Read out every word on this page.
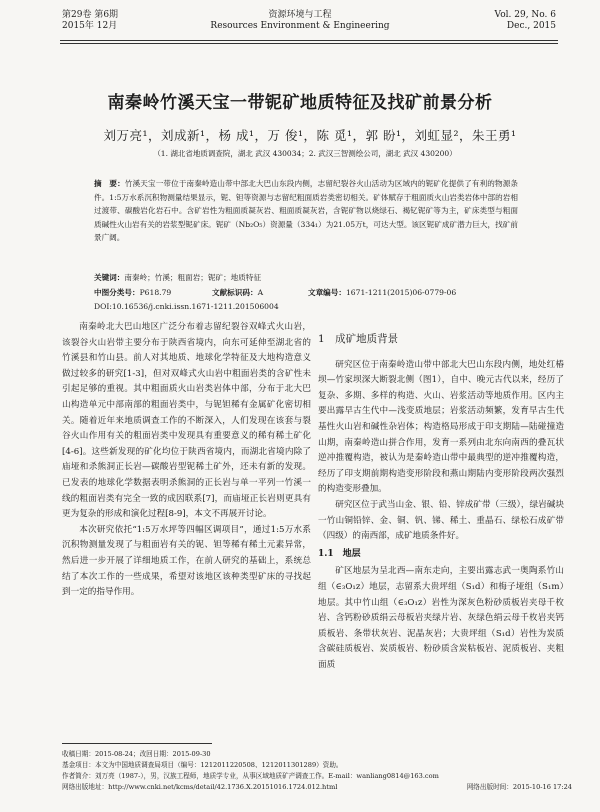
第29卷 第6期
2015年 12月
资源环境与工程
Resources Environment & Engineering
Vol. 29, No. 6
Dec., 2015
南秦岭竹溪天宝一带铌矿地质特征及找矿前景分析
刘万亮¹，刘成新¹，杨 成¹，万 俊¹，陈 觅¹，郭 盼¹，刘虹显²，朱王勇¹
（1. 湖北省地质调查院，湖北 武汉 430034；2. 武汉三智测绘公司，湖北 武汉 430200）
摘　要：竹溪天宝一带位于南秦岭造山带中部北大巴山东段内侧，志留纪裂谷火山活动为区域内的铌矿化提供了有利的物源条件。1:5万水系沉积物测量结果显示，铌、钽等资源与志留纪粗面质岩类密切相关。矿体赋存于粗面质火山岩类岩体中部的岩相过渡带、碳酸岩化岩石中。含矿岩性为粗面质凝灰岩、粗面质凝灰岩，含铌矿物以烧绿石、褐钇铌矿等为主，矿床类型与粗面质碱性火山岩有关的岩浆型铌矿床。铌矿（Nb₂O₅）资源量（334₁）为21.05万t，可达大型。该区铌矿成矿潜力巨大，找矿前景广阔。
关键词：南秦岭；竹溪；粗面岩；铌矿；地质特征
中图分类号：P618.79	文献标识码：A	文章编号：1671-1211(2015)06-0779-06
DOI:10.16536/j.cnki.issn.1671-1211.201506004

南秦岭北大巴山地区广泛分布着志留纪裂谷双峰式火山岩，该裂谷火山岩带主要分布于陕西省境内，向东可延伸至湖北省的竹溪县和竹山县。前人对其地质、地球化学特征及大地构造意义做过较多的研究[1-3]，但对双峰式火山岩中粗面岩类的含矿性未引起足够的重视。其中粗面质火山岩类岩体中部，分布于北大巴山构造单元中部南部的粗面岩类中，与铌钽稀有金属矿化密切相关。随着近年来地质调查工作的不断深入，人们发现在该套与裂谷火山作用有关的粗面岩类中发现具有重要意义的稀有稀土矿化[4-6]。这些新发现的矿化均位于陕西省境内，而湖北省境内除了庙垭和杀熊洞正长岩—碳酸岩型铌稀土矿外，还未有新的发现。已发表的地球化学数据表明杀熊洞的正长岩与单一平列一竹溪一线的粗面岩类有完全一致的成因联系[7]，而庙垭正长岩则更具有更为复杂的形成和演化过程[8-9]，本文不再展开讨论。

本次研究依托“1:5万水坪等四幅区调项目”，通过1:5万水系沉积物测量发现了与粗面岩有关的铌、钽等稀有稀土元素异常，然后进一步开展了详细地质工作，在前人研究的基础上，系统总结了本次工作的一些成果，希望对该地区该种类型矿床的寻找起到一定的指导作用。

1　成矿地质背景

研究区位于南秦岭造山带中部北大巴山东段内侧，地处红椿坝—竹家坝深大断裂北侧（图1），自中、晚元古代以来，经历了复杂、多期、多样的构造、火山、岩浆活动等地质作用。区内主要出露早古生代中—浅变质地层；岩浆活动频繁，发育早古生代基性火山岩和碱性杂岩体；构造格局形成于印支期陆—陆碰撞造山期，南秦岭造山拼合作用，发育一系列由北东向南西的叠瓦状逆冲推覆构造，被认为是秦岭造山带中最典型的逆冲推覆构造，经历了印支期前期构造变形阶段和燕山期陆内变形阶段两次强烈的构造变形叠加。

研究区位于武当山金、银、铅、锌成矿带（三级），绿岩碱块一竹山铜铅锌、金、铜、钒、锑、稀土、重晶石、绿松石成矿带（四级）的南西部，成矿地质条件好。

1.1　地层

矿区地层为呈北西—南东走向，主要出露志武一奥陶系竹山组（∈₃O₁z）地层，志留系大贵坪组（S₁d）和梅子垭组（S₁m）地层。其中竹山组（∈₃O₁z）岩性为深灰色粉砂质板岩夹母千枚岩、含钙粉砂质绢云母板岩夹绿片岩、灰绿色绢云母千枚岩夹钙质板岩、条带状灰岩、泥晶灰岩；大贵坪组（S₁d）岩性为炭质含碳硅质板岩、炭质板岩、粉砂质含炭粘板岩、泥质板岩、夹粗面质

收稿日期：2015-08-24；改回日期：2015-09-30
基金项目：本文为中国地质调查局项目（编号：1212011220508、1212011301289）资助。
作者简介：刘万亮（1987-），男，汉族工程师，地质学专业，从事区域地质矿产调查工作。E-mail：wanliang0814@163.com
网络出版地址：http://www.cnki.net/kcms/detail/42.1736.X.20151016.1724.012.html	网络出版时间：2015-10-16 17:24
